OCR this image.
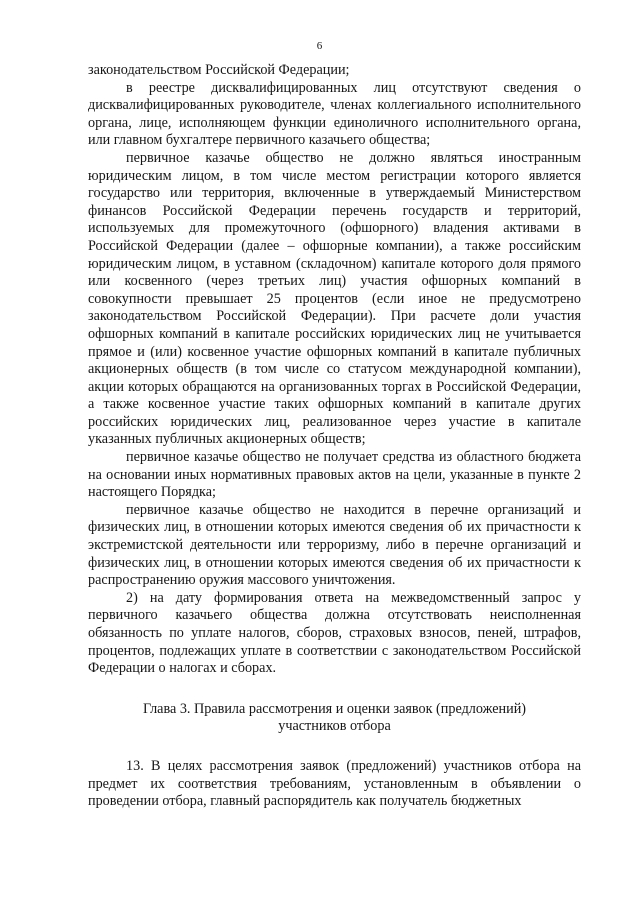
6

законодательством Российской Федерации;

в реестре дисквалифицированных лиц отсутствуют сведения о дисквалифицированных руководителе, членах коллегиального исполнительного органа, лице, исполняющем функции единоличного исполнительного органа, или главном бухгалтере первичного казачьего общества;

первичное казачье общество не должно являться иностранным юридическим лицом, в том числе местом регистрации которого является государство или территория, включенные в утверждаемый Министерством финансов Российской Федерации перечень государств и территорий, используемых для промежуточного (офшорного) владения активами в Российской Федерации (далее – офшорные компании), а также российским юридическим лицом, в уставном (складочном) капитале которого доля прямого или косвенного (через третьих лиц) участия офшорных компаний в совокупности превышает 25 процентов (если иное не предусмотрено законодательством Российской Федерации). При расчете доли участия офшорных компаний в капитале российских юридических лиц не учитывается прямое и (или) косвенное участие офшорных компаний в капитале публичных акционерных обществ (в том числе со статусом международной компании), акции которых обращаются на организованных торгах в Российской Федерации, а также косвенное участие таких офшорных компаний в капитале других российских юридических лиц, реализованное через участие в капитале указанных публичных акционерных обществ;

первичное казачье общество не получает средства из областного бюджета на основании иных нормативных правовых актов на цели, указанные в пункте 2 настоящего Порядка;

первичное казачье общество не находится в перечне организаций и физических лиц, в отношении которых имеются сведения об их причастности к экстремистской деятельности или терроризму, либо в перечне организаций и физических лиц, в отношении которых имеются сведения об их причастности к распространению оружия массового уничтожения.

2) на дату формирования ответа на межведомственный запрос у первичного казачьего общества должна отсутствовать неисполненная обязанность по уплате налогов, сборов, страховых взносов, пеней, штрафов, процентов, подлежащих уплате в соответствии с законодательством Российской Федерации о налогах и сборах.

Глава 3. Правила рассмотрения и оценки заявок (предложений)
участников отбора

13. В целях рассмотрения заявок (предложений) участников отбора на предмет их соответствия требованиям, установленным в объявлении о проведении отбора, главный распорядитель как получатель бюджетных
